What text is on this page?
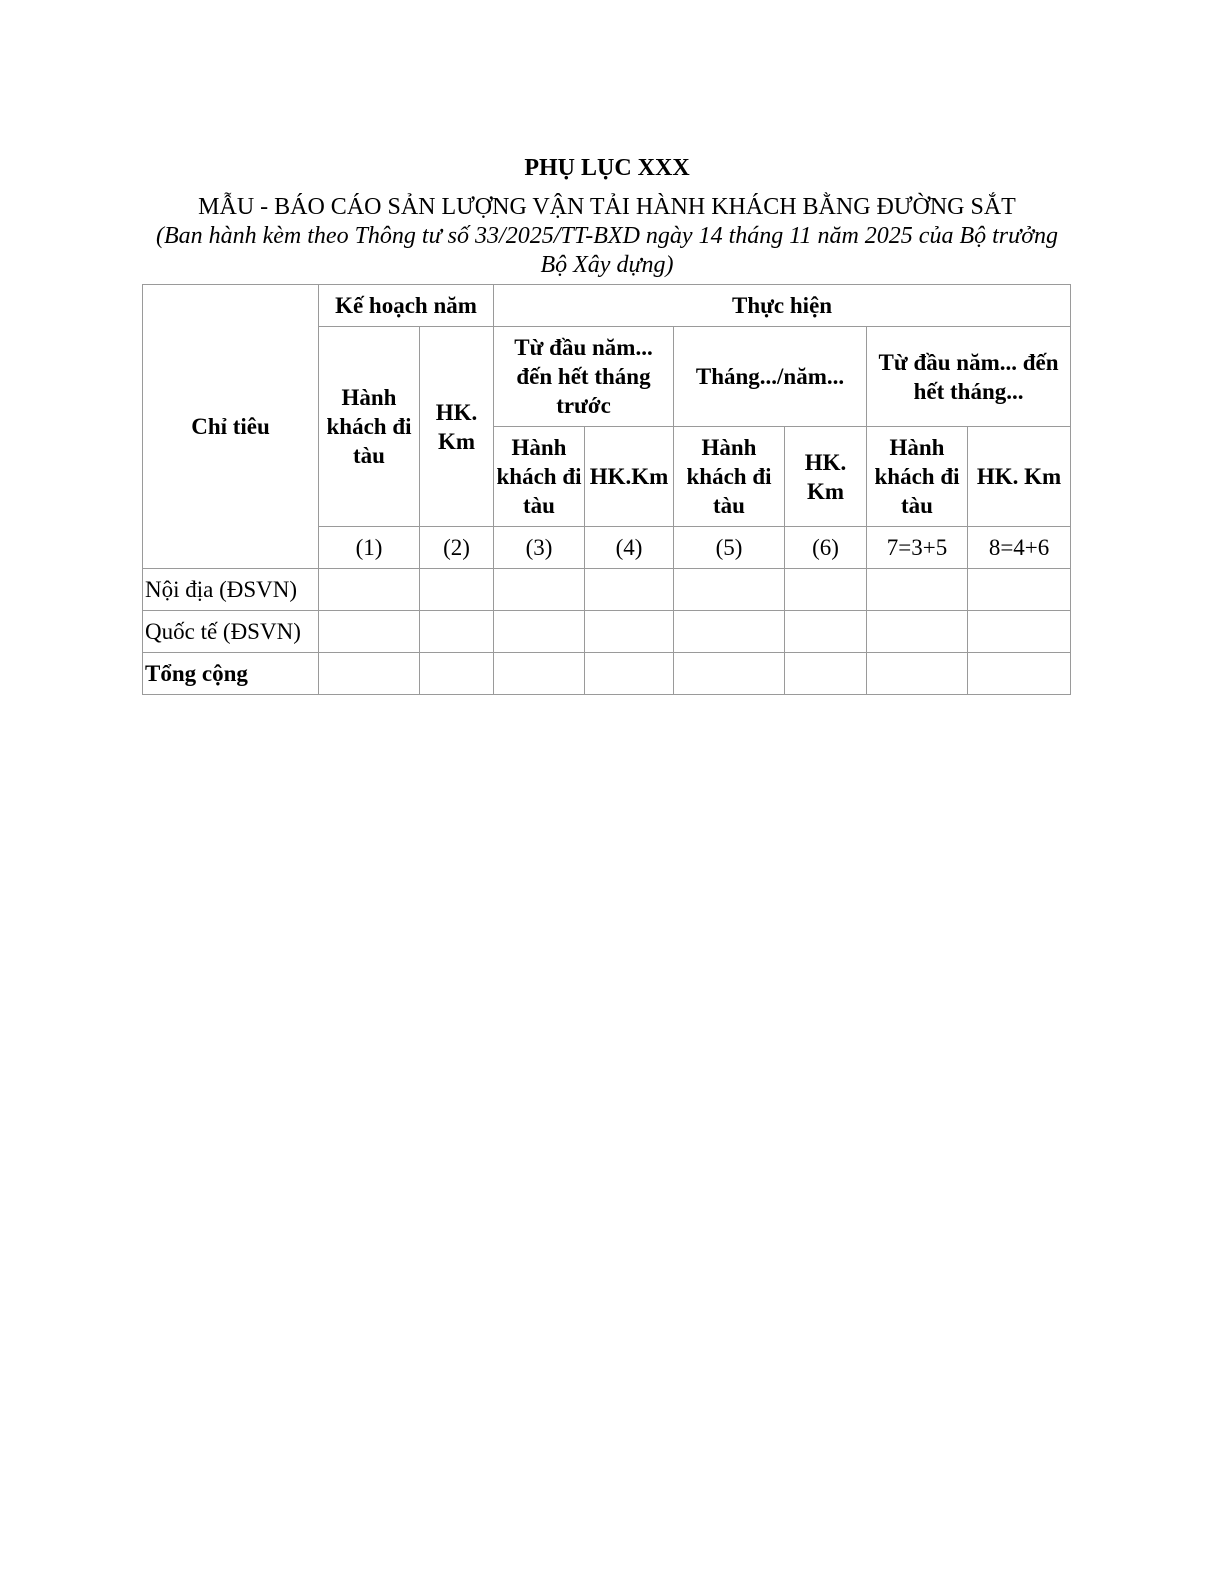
PHỤ LỤC XXX
MẪU - BÁO CÁO SẢN LƯỢNG VẬN TẢI HÀNH KHÁCH BẰNG ĐƯỜNG SẮT
(Ban hành kèm theo Thông tư số 33/2025/TT-BXD ngày 14 tháng 11 năm 2025 của Bộ trưởng Bộ Xây dựng)
Chỉ tiêu	Kế hoạch năm		Thực hiện					
	Hành khách đi tàu	HK. Km	Từ đầu năm... đến hết tháng trước		Tháng.../năm...		Từ đầu năm... đến hết tháng...	
			Hành khách đi tàu	HK.Km	Hành khách đi tàu	HK. Km	Hành khách đi tàu	HK. Km
	(1)	(2)	(3)	(4)	(5)	(6)	7=3+5	8=4+6
Nội địa (ĐSVN)								
Quốc tế (ĐSVN)								
Tổng cộng								
